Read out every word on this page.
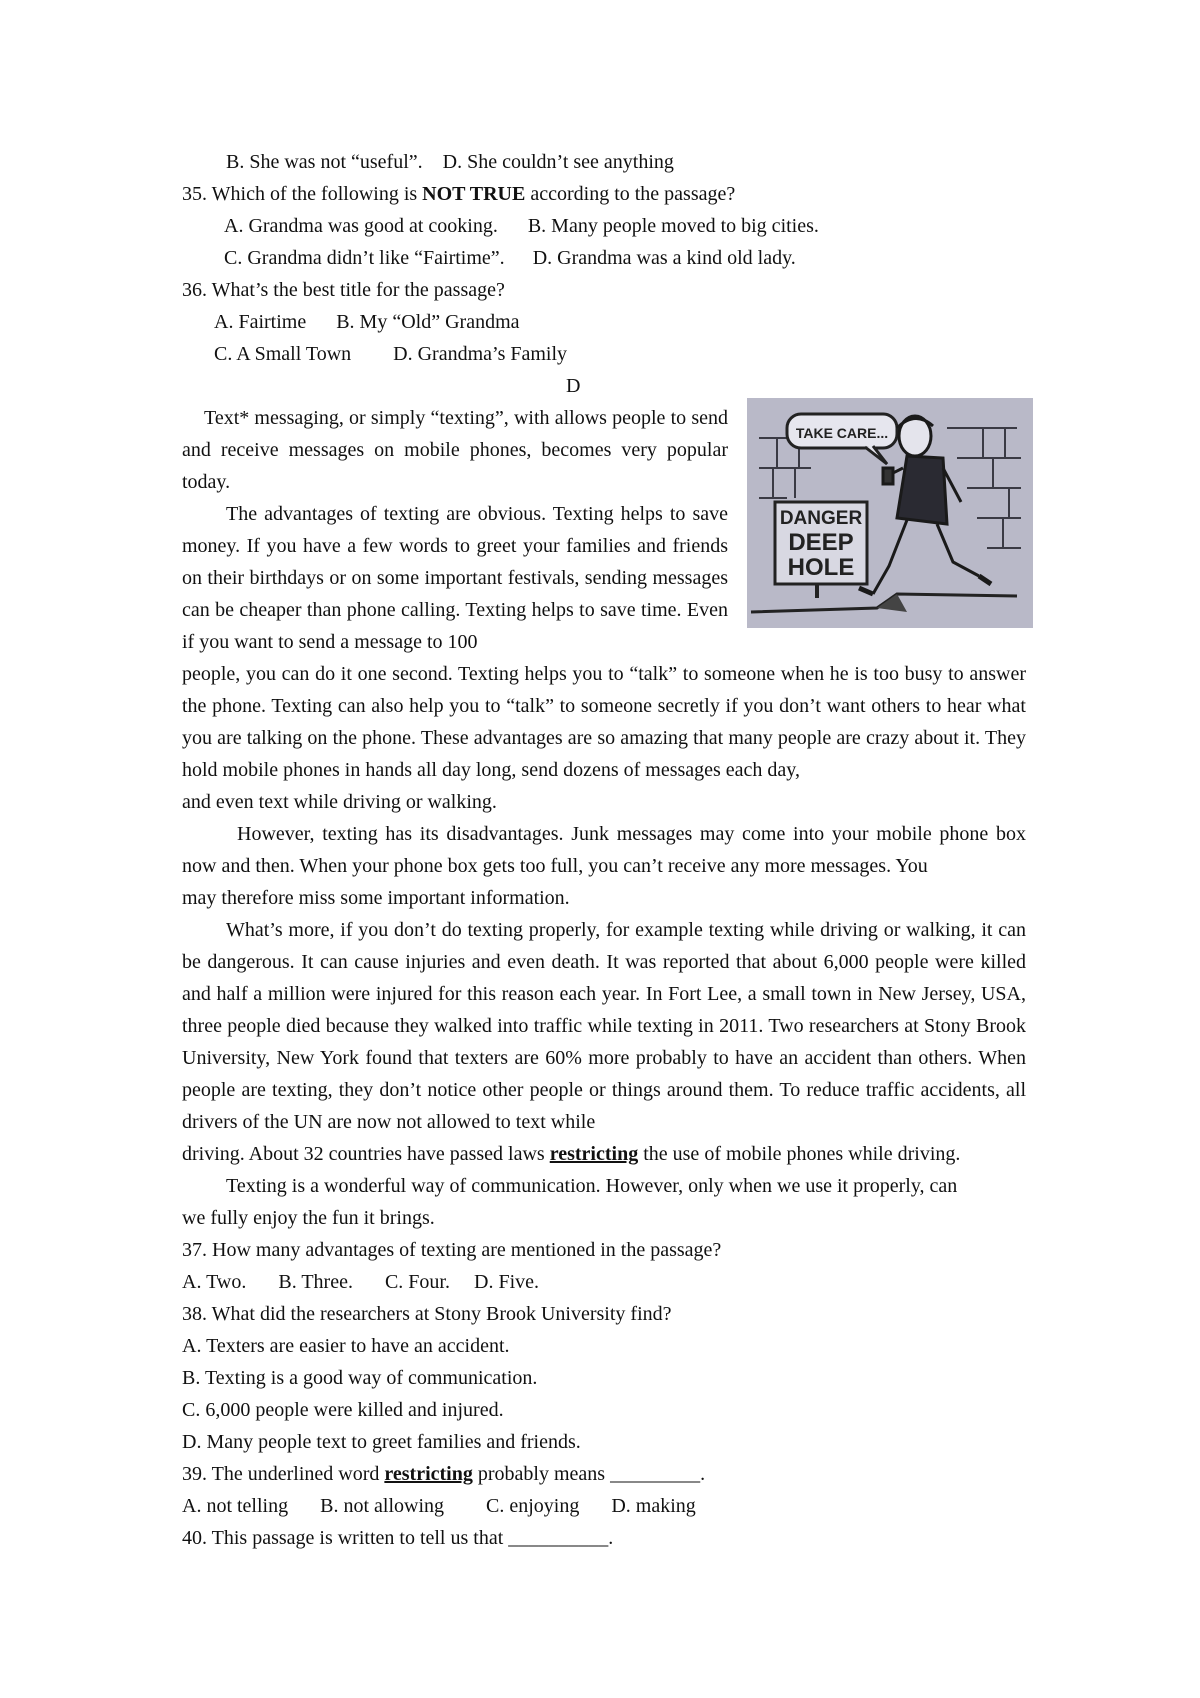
B. She was not “useful”. D. She couldn’t see anything
35. Which of the following is NOT TRUE according to the passage?
A. Grandma was good at cooking. B. Many people moved to big cities.
C. Grandma didn’t like “Fairtime”. D. Grandma was a kind old lady.
36. What’s the best title for the passage?
A. Fairtime B. My “Old” Grandma
C. A Small Town D. Grandma’s Family
D
Text* messaging, or simply “texting”, with allows people to send and receive messages on mobile phones, becomes very popular today.
The advantages of texting are obvious. Texting helps to save money. If you have a few words to greet your families and friends on their birthdays or on some important festivals, sending messages can be cheaper than phone calling. Texting helps to save time. Even if you want to send a message to 100
people, you can do it one second. Texting helps you to “talk” to someone when he is too busy to answer the phone. Texting can also help you to “talk” to someone secretly if you don’t want others to hear what you are talking on the phone. These advantages are so amazing that many people are crazy about it. They hold mobile phones in hands all day long, send dozens of messages each day,
and even text while driving or walking.
However, texting has its disadvantages. Junk messages may come into your mobile phone box now and then. When your phone box gets too full, you can’t receive any more messages. You
may therefore miss some important information.
What’s more, if you don’t do texting properly, for example texting while driving or walking, it can be dangerous. It can cause injuries and even death. It was reported that about 6,000 people were killed and half a million were injured for this reason each year. In Fort Lee, a small town in New Jersey, USA, three people died because they walked into traffic while texting in 2011. Two researchers at Stony Brook University, New York found that texters are 60% more probably to have an accident than others. When people are texting, they don’t notice other people or things around them. To reduce traffic accidents, all drivers of the UN are now not allowed to text while
driving. About 32 countries have passed laws restricting the use of mobile phones while driving.
Texting is a wonderful way of communication. However, only when we use it properly, can
we fully enjoy the fun it brings.
TAKE CARE...
DANGER
DEEP
HOLE
37. How many advantages of texting are mentioned in the passage?
A. Two. B. Three. C. Four. D. Five.
38. What did the researchers at Stony Brook University find?
A. Texters are easier to have an accident.
B. Texting is a good way of communication.
C. 6,000 people were killed and injured.
D. Many people text to greet families and friends.
39. The underlined word restricting probably means _________.
A. not telling B. not allowing C. enjoying D. making
40. This passage is written to tell us that __________.
